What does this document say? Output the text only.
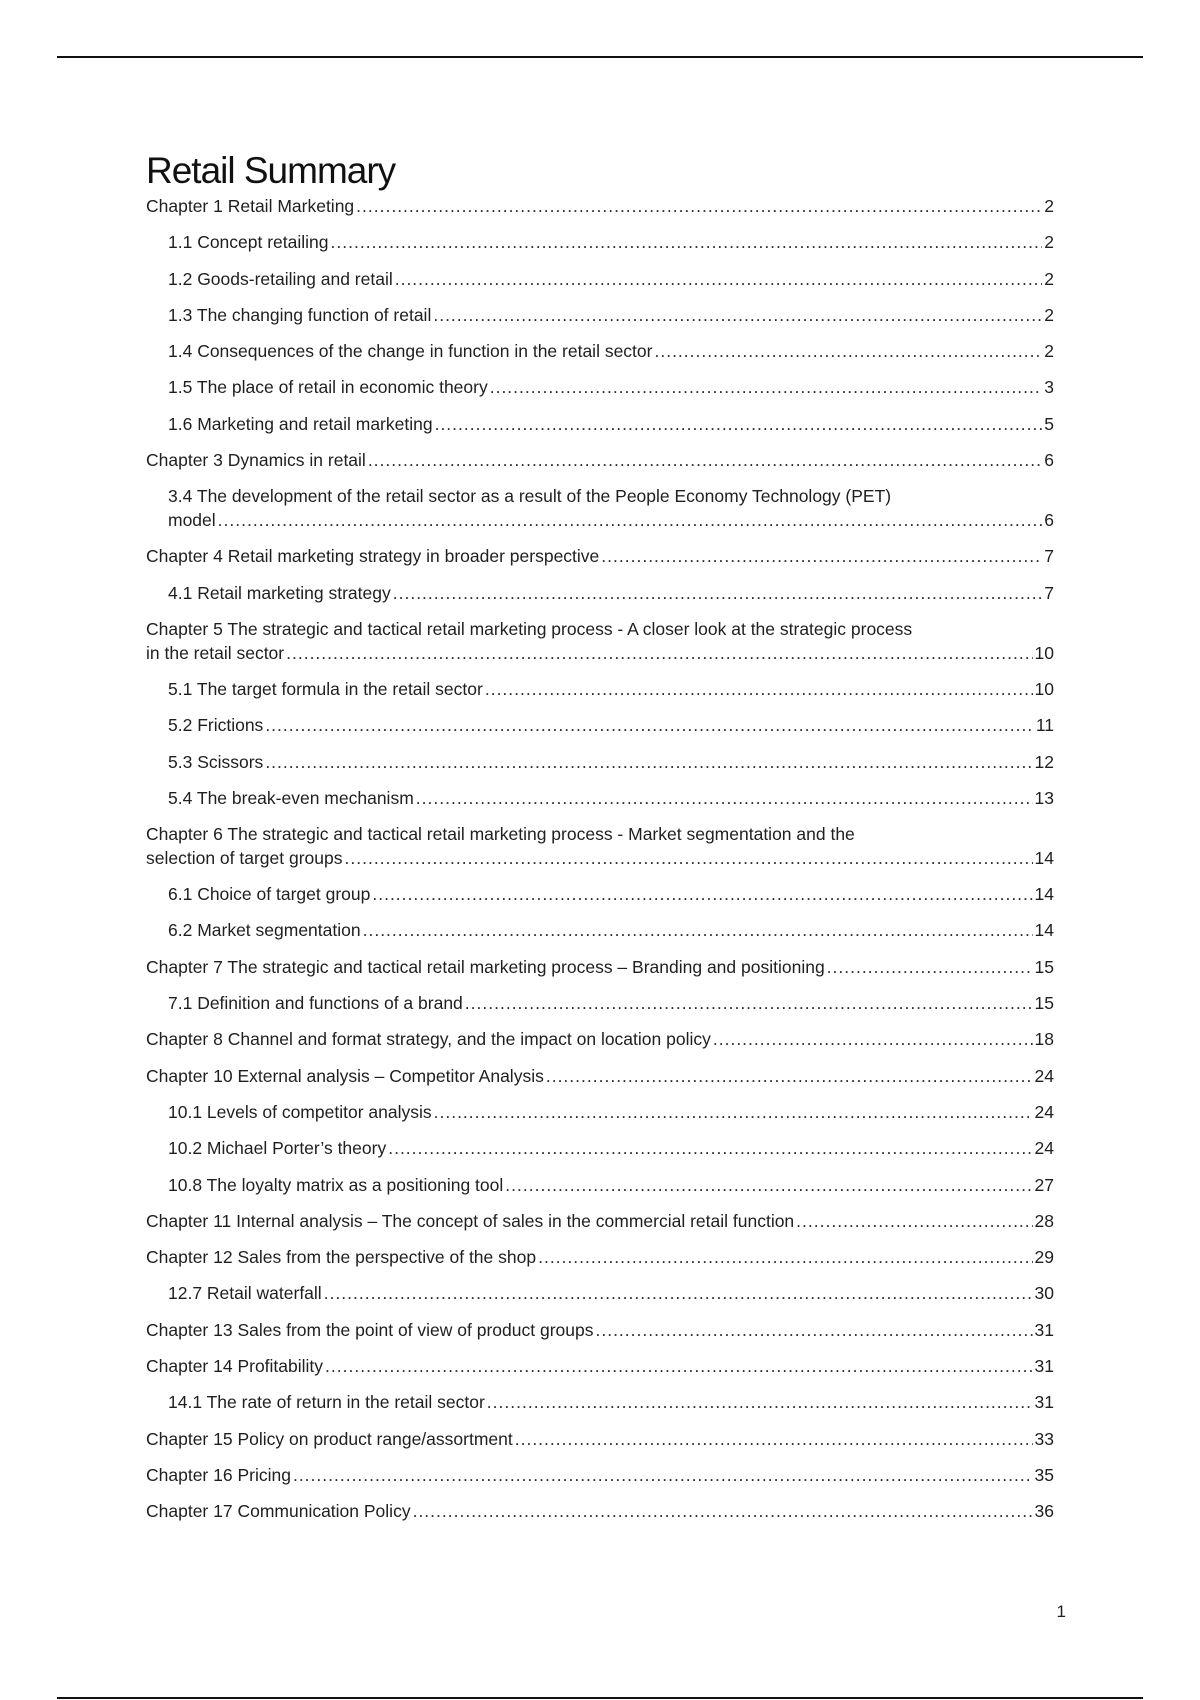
Retail Summary
Chapter 1 Retail Marketing .....	2
1.1 Concept retailing .....	2
1.2 Goods-retailing and retail .....	2
1.3 The changing function of retail .....	2
1.4 Consequences of the change in function in the retail sector .....	2
1.5 The place of retail in economic theory .....	3
1.6 Marketing and retail marketing .....	5
Chapter 3 Dynamics in retail .....	6
3.4 The development of the retail sector as a result of the People Economy Technology (PET)
model .....	6
Chapter 4 Retail marketing strategy in broader perspective .....	7
4.1 Retail marketing strategy .....	7
Chapter 5 The strategic and tactical retail marketing process - A closer look at the strategic process
in the retail sector .....	10
5.1 The target formula in the retail sector .....	10
5.2 Frictions .....	11
5.3 Scissors .....	12
5.4 The break-even mechanism .....	13
Chapter 6 The strategic and tactical retail marketing process - Market segmentation and the
selection of target groups .....	14
6.1 Choice of target group .....	14
6.2 Market segmentation .....	14
Chapter 7 The strategic and tactical retail marketing process – Branding and positioning .....	15
7.1 Definition and functions of a brand .....	15
Chapter 8 Channel and format strategy, and the impact on location policy .....	18
Chapter 10 External analysis – Competitor Analysis .....	24
10.1 Levels of competitor analysis .....	24
10.2 Michael Porter’s theory .....	24
10.8 The loyalty matrix as a positioning tool .....	27
Chapter 11 Internal analysis – The concept of sales in the commercial retail function .....	28
Chapter 12 Sales from the perspective of the shop .....	29
12.7 Retail waterfall .....	30
Chapter 13 Sales from the point of view of product groups .....	31
Chapter 14 Profitability .....	31
14.1 The rate of return in the retail sector .....	31
Chapter 15 Policy on product range/assortment .....	33
Chapter 16 Pricing .....	35
Chapter 17 Communication Policy .....	36
1
